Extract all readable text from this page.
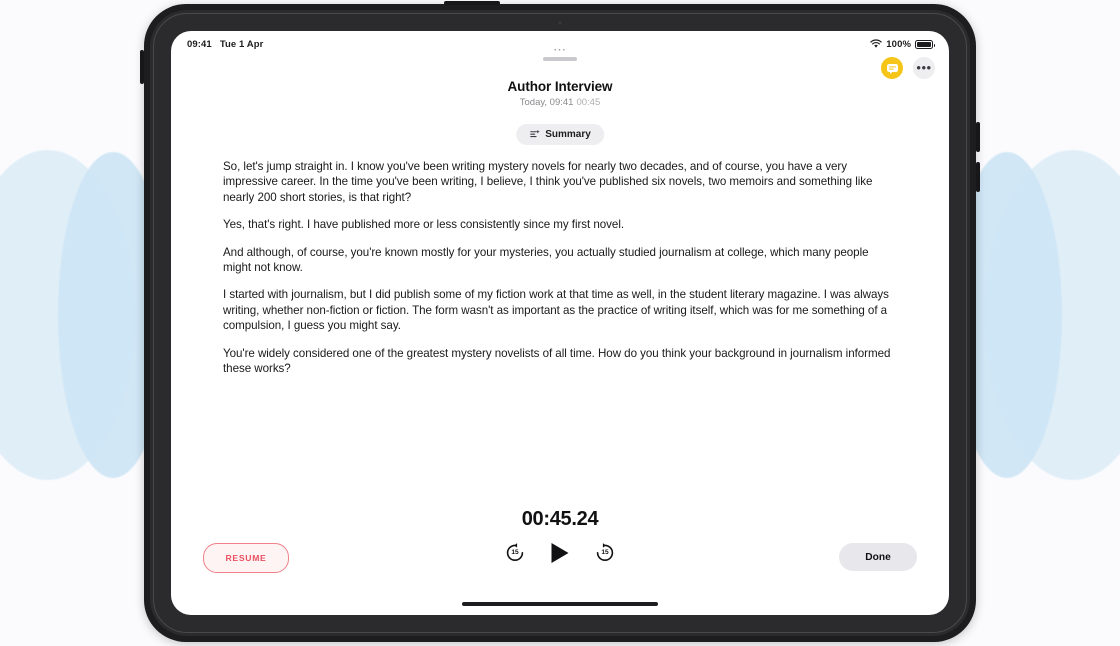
09:41 Tue 1 Apr	100%
⋯
•••
Author Interview
Today, 09:41 00:45
Summary

So, let's jump straight in. I know you've been writing mystery novels for nearly two decades, and of course, you have a very impressive career. In the time you've been writing, I believe, I think you've published six novels, two memoirs and something like nearly 200 short stories, is that right?

Yes, that's right. I have published more or less consistently since my first novel.

And although, of course, you're known mostly for your mysteries, you actually studied journalism at college, which many people might not know.

I started with journalism, but I did publish some of my fiction work at that time as well, in the student literary magazine. I was always writing, whether non-fiction or fiction. The form wasn't as important as the practice of writing itself, which was for me something of a compulsion, I guess you might say.

You're widely considered one of the greatest mystery novelists of all time. How do you think your background in journalism informed these works?

00:45.24
RESUME
15	15	Done
